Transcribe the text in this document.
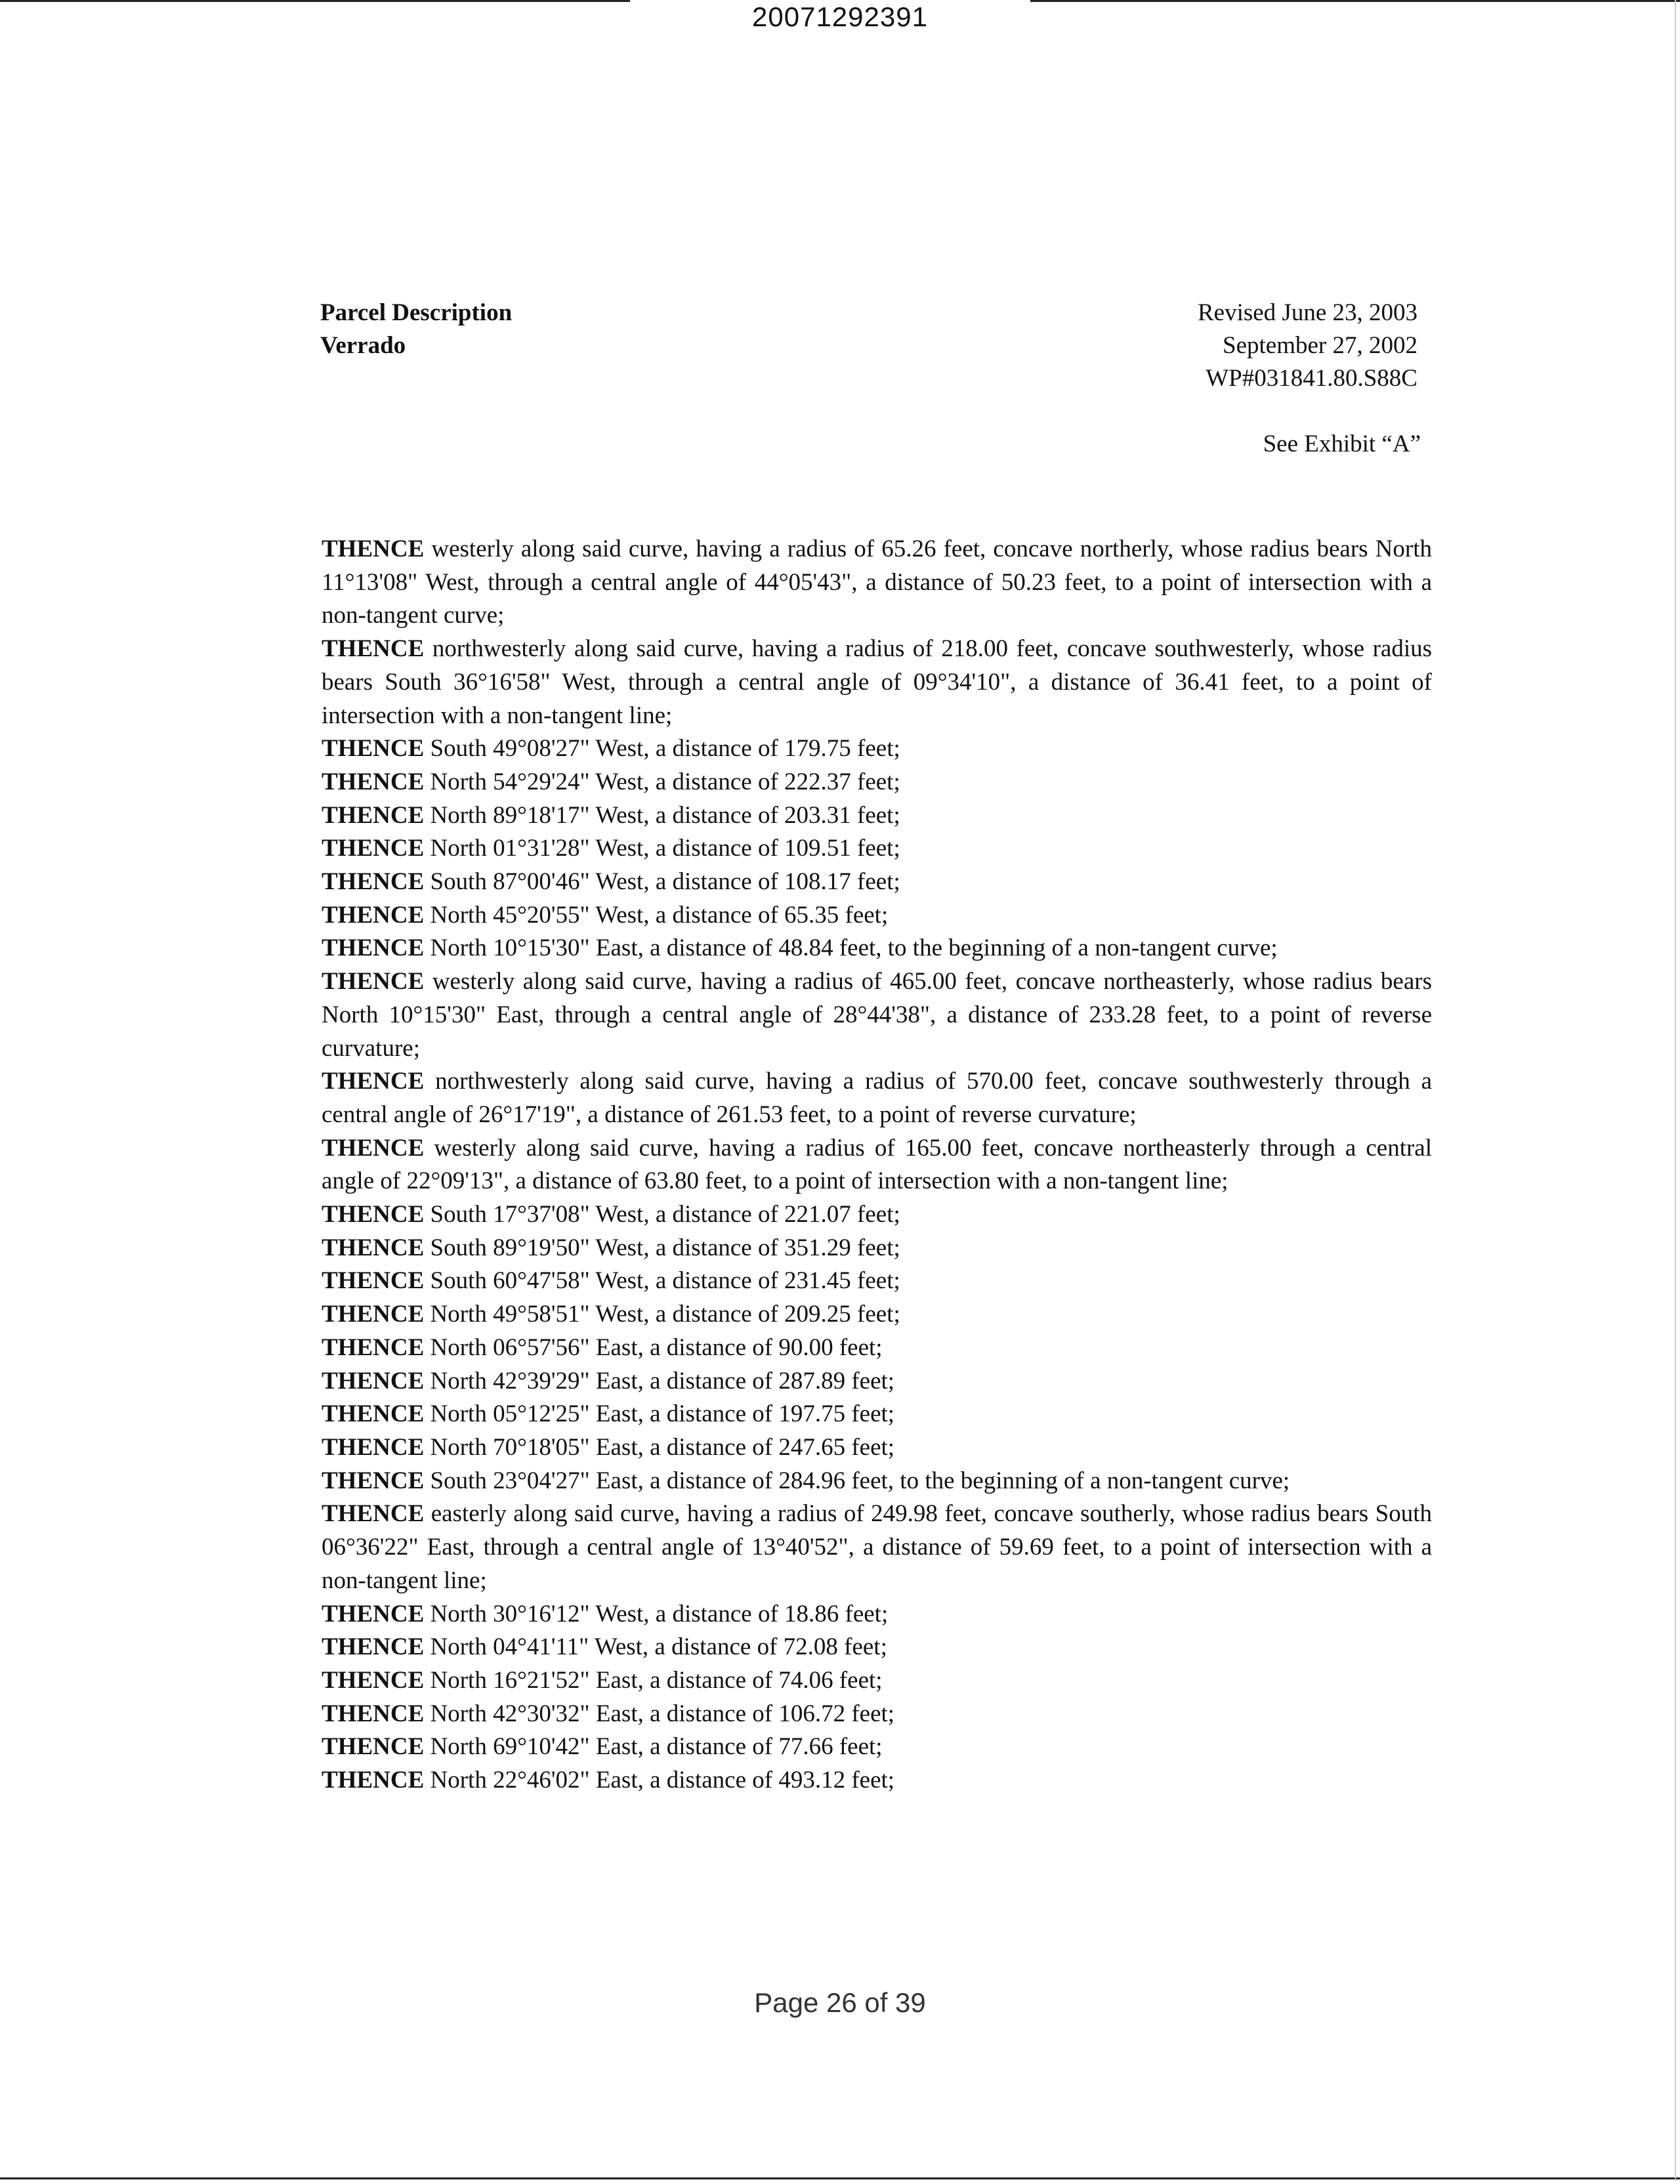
20071292391
Parcel Description
Verrado
Revised June 23, 2003
September 27, 2002
WP#031841.80.S88C
See Exhibit “A”

THENCE westerly along said curve, having a radius of 65.26 feet, concave northerly, whose radius bears North 11°13'08" West, through a central angle of 44°05'43", a distance of 50.23 feet, to a point of intersection with a non-tangent curve;

THENCE northwesterly along said curve, having a radius of 218.00 feet, concave southwesterly, whose radius bears South 36°16'58" West, through a central angle of 09°34'10", a distance of 36.41 feet, to a point of intersection with a non-tangent line;

THENCE South 49°08'27" West, a distance of 179.75 feet;

THENCE North 54°29'24" West, a distance of 222.37 feet;

THENCE North 89°18'17" West, a distance of 203.31 feet;

THENCE North 01°31'28" West, a distance of 109.51 feet;

THENCE South 87°00'46" West, a distance of 108.17 feet;

THENCE North 45°20'55" West, a distance of 65.35 feet;

THENCE North 10°15'30" East, a distance of 48.84 feet, to the beginning of a non-tangent curve;

THENCE westerly along said curve, having a radius of 465.00 feet, concave northeasterly, whose radius bears North 10°15'30" East, through a central angle of 28°44'38", a distance of 233.28 feet, to a point of reverse curvature;

THENCE northwesterly along said curve, having a radius of 570.00 feet, concave southwesterly through a central angle of 26°17'19", a distance of 261.53 feet, to a point of reverse curvature;

THENCE westerly along said curve, having a radius of 165.00 feet, concave northeasterly through a central angle of 22°09'13", a distance of 63.80 feet, to a point of intersection with a non-tangent line;

THENCE South 17°37'08" West, a distance of 221.07 feet;

THENCE South 89°19'50" West, a distance of 351.29 feet;

THENCE South 60°47'58" West, a distance of 231.45 feet;

THENCE North 49°58'51" West, a distance of 209.25 feet;

THENCE North 06°57'56" East, a distance of 90.00 feet;

THENCE North 42°39'29" East, a distance of 287.89 feet;

THENCE North 05°12'25" East, a distance of 197.75 feet;

THENCE North 70°18'05" East, a distance of 247.65 feet;

THENCE South 23°04'27" East, a distance of 284.96 feet, to the beginning of a non-tangent curve;

THENCE easterly along said curve, having a radius of 249.98 feet, concave southerly, whose radius bears South 06°36'22" East, through a central angle of 13°40'52", a distance of 59.69 feet, to a point of intersection with a non-tangent line;

THENCE North 30°16'12" West, a distance of 18.86 feet;

THENCE North 04°41'11" West, a distance of 72.08 feet;

THENCE North 16°21'52" East, a distance of 74.06 feet;

THENCE North 42°30'32" East, a distance of 106.72 feet;

THENCE North 69°10'42" East, a distance of 77.66 feet;

THENCE North 22°46'02" East, a distance of 493.12 feet;

Page 26 of 39
